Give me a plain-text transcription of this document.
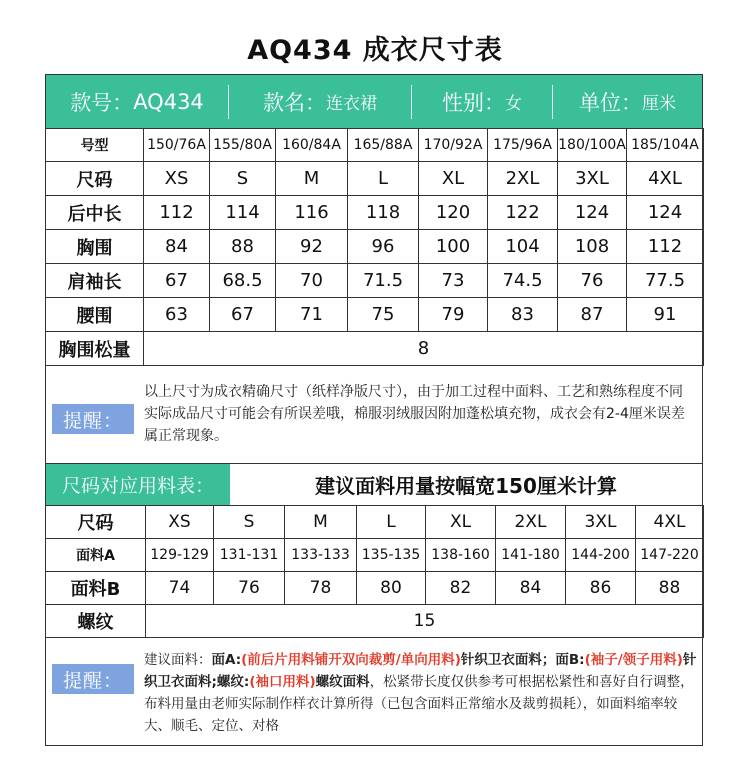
AQ434 成衣尺寸表
款号： AQ434	款名： 连衣裙	性别： 女	单位： 厘米
号型	150/76A	155/80A	160/84A	165/88A	170/92A	175/96A	180/100A	185/104A
尺码	XS	S	M	L	XL	2XL	3XL	4XL
后中长	112	114	116	118	120	122	124	124
胸围	84	88	92	96	100	104	108	112
肩袖长	67	68.5	70	71.5	73	74.5	76	77.5
腰围	63	67	71	75	79	83	87	91
胸围松量	8							
提醒：
以上尺寸为成衣精确尺寸（纸样净版尺寸），由于加工过程中面料、工艺和熟练程度不同实际成品尺寸可能会有所误差哦，棉服羽绒服因附加蓬松填充物，成衣会有2-4厘米误差属正常现象。
尺码对应用料表：	建议面料用量按幅宽150厘米计算
尺码	XS	S	M	L	XL	2XL	3XL	4XL
面料A	129-129	131-131	133-133	135-135	138-160	141-180	144-200	147-220
面料B	74	76	78	80	82	84	86	88
螺纹	15							
提醒：
建议面料：面A:(前后片用料铺开双向裁剪/单向用料)针织卫衣面料；面B:(袖子/领子用料)针织卫衣面料;螺纹:(袖口用料)螺纹面料，松紧带长度仅供参考可根据松紧性和喜好自行调整，布料用量由老师实际制作样衣计算所得（已包含面料正常缩水及裁剪损耗），如面料缩率较大、顺毛、定位、对格
